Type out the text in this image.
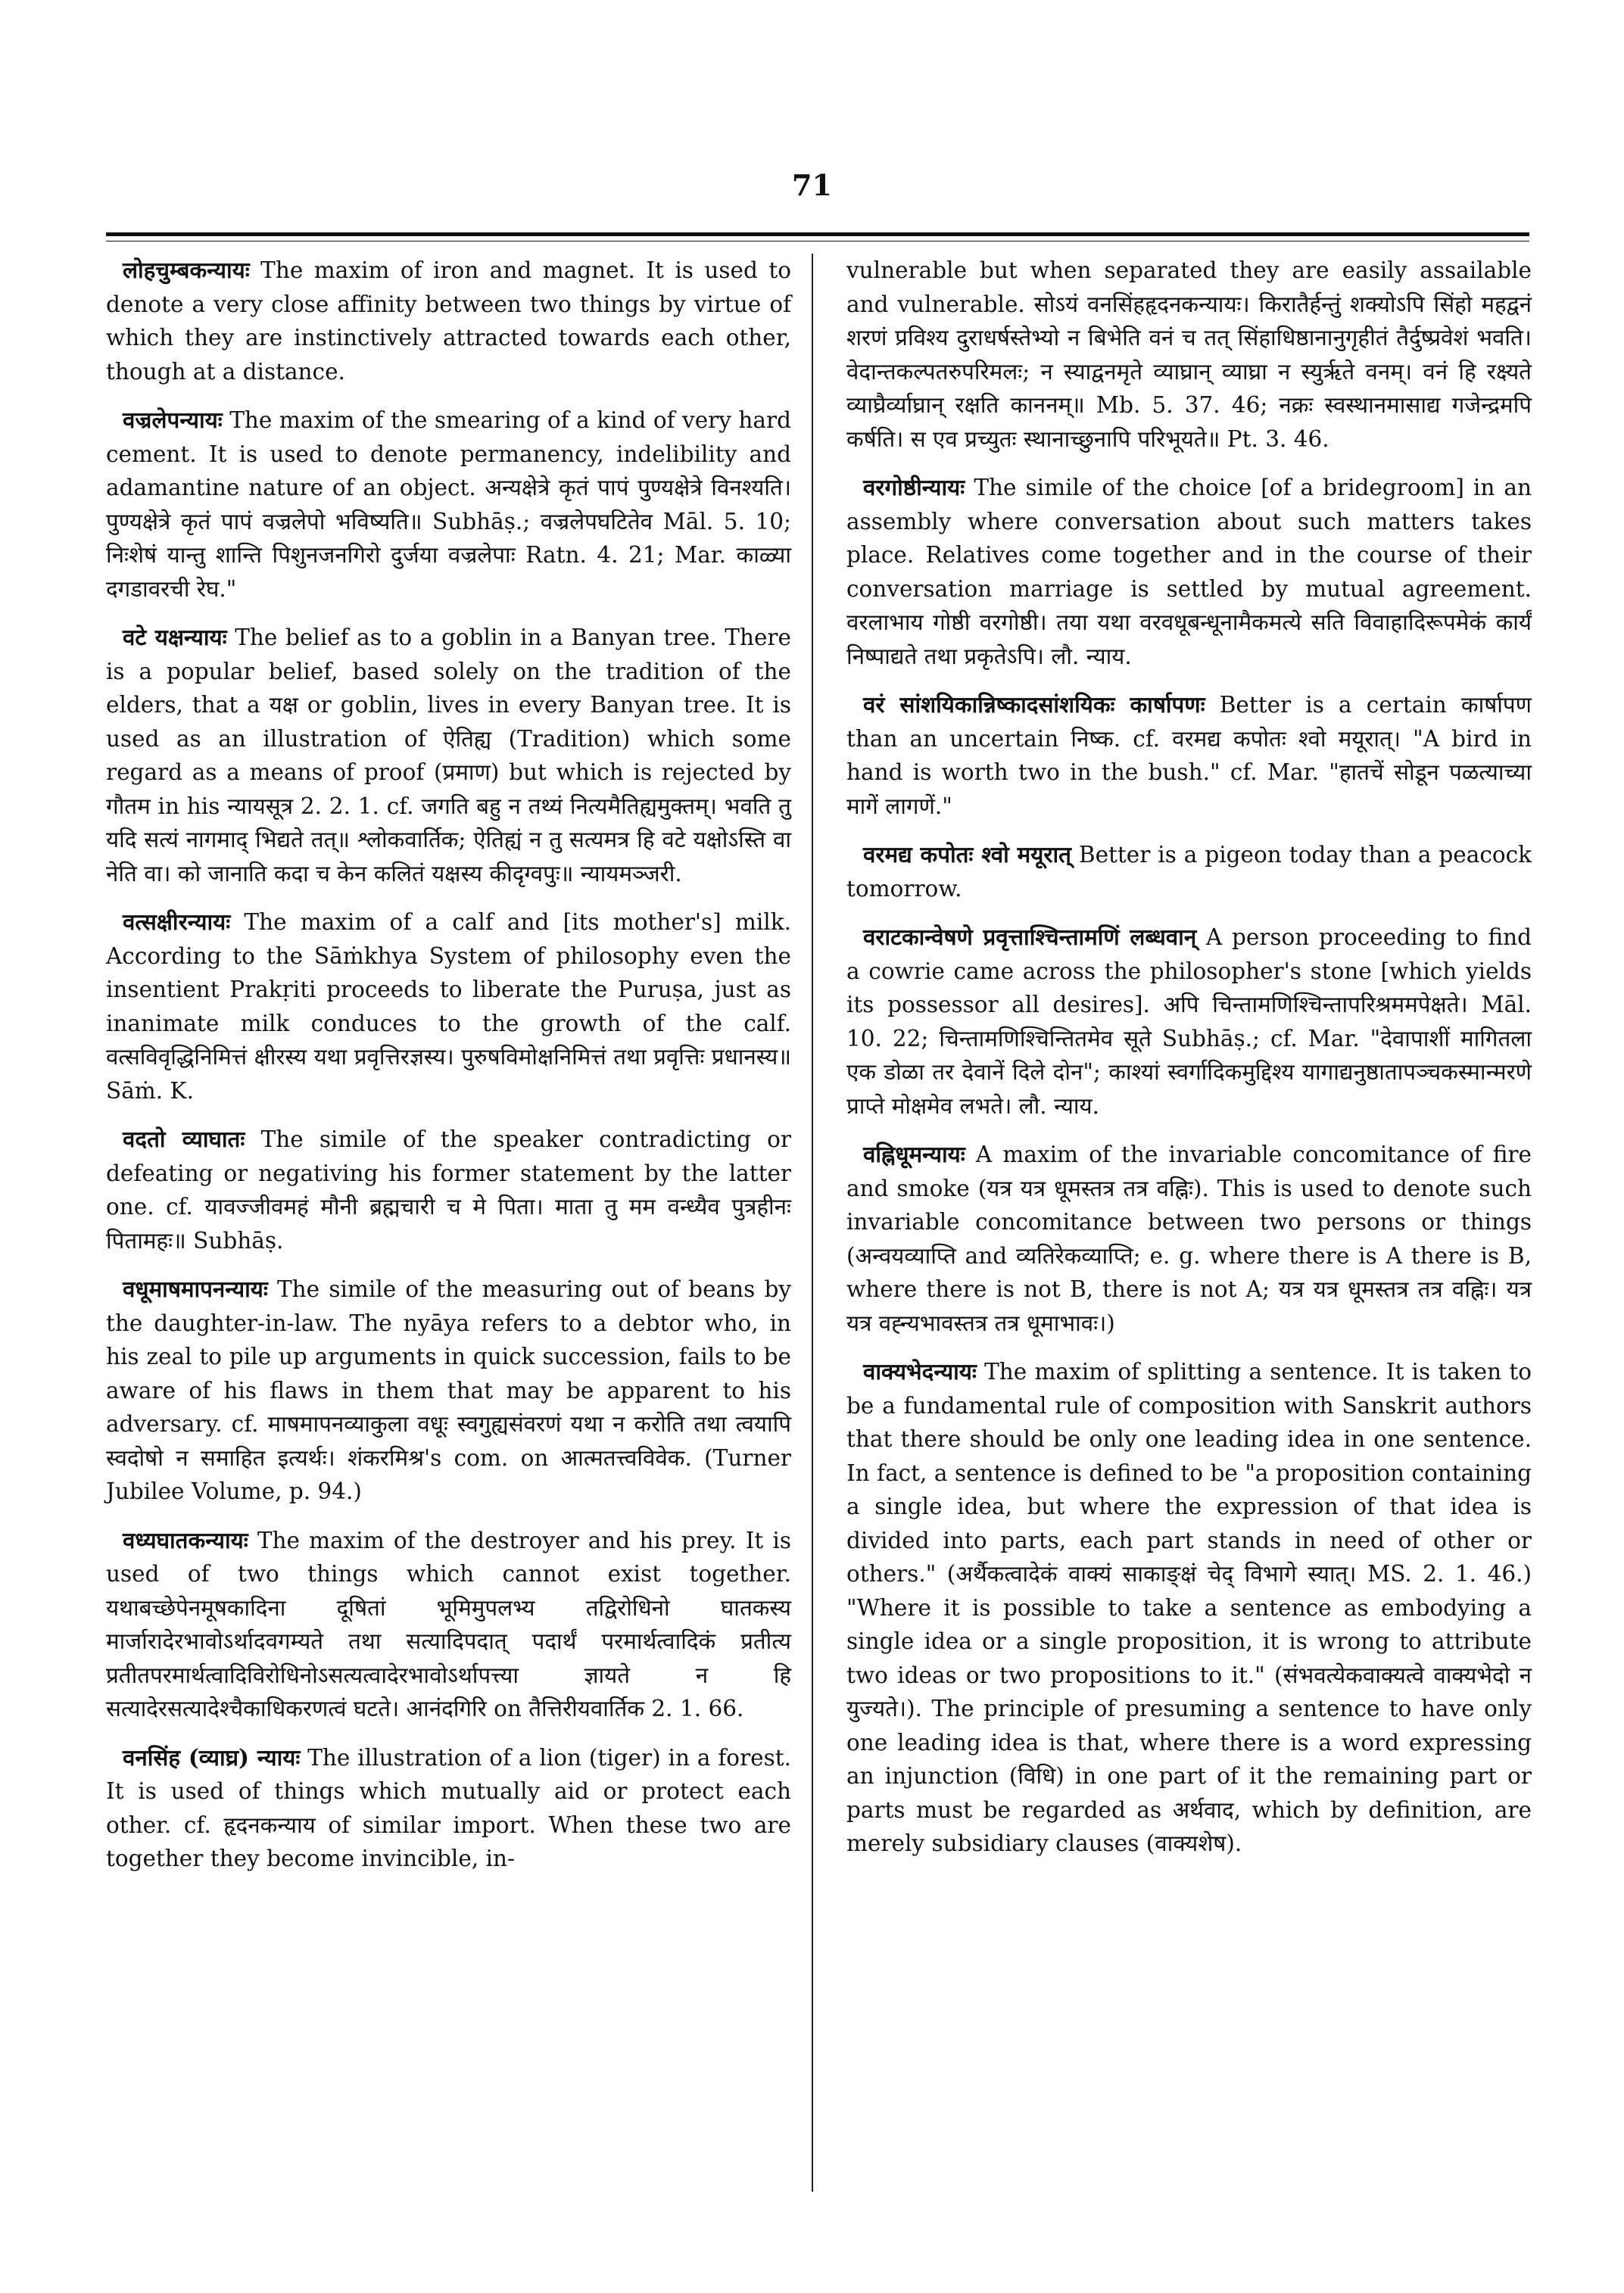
71

लोहचुम्बकन्यायः The maxim of iron and magnet. It is used to denote a very close affinity between two things by virtue of which they are instinctively attracted towards each other, though at a distance.

वज्रलेपन्यायः The maxim of the smearing of a kind of very hard cement. It is used to denote permanency, indelibility and adamantine nature of an object. अन्यक्षेत्रे कृतं पापं पुण्यक्षेत्रे विनश्यति। पुण्यक्षेत्रे कृतं पापं वज्रलेपो भविष्यति॥ Subhāṣ.; वज्रलेपघटितेव Māl. 5. 10; निःशेषं यान्तु शान्ति पिशुनजनगिरो दुर्जया वज्रलेपाः Ratn. 4. 21; Mar. काळ्या दगडावरची रेघ."

वटे यक्षन्यायः The belief as to a goblin in a Banyan tree. There is a popular belief, based solely on the tradition of the elders, that a यक्ष or goblin, lives in every Banyan tree. It is used as an illustration of ऐतिह्य (Tradition) which some regard as a means of proof (प्रमाण) but which is rejected by गौतम in his न्यायसूत्र 2. 2. 1. cf. जगति बहु न तथ्यं नित्यमैतिह्यमुक्तम्। भवति तु यदि सत्यं नागमाद् भिद्यते तत्॥ श्लोकवार्तिक; ऐतिह्यं न तु सत्यमत्र हि वटे यक्षोऽस्ति वा नेति वा। को जानाति कदा च केन कलितं यक्षस्य कीदृग्वपुः॥ न्यायमञ्जरी.

वत्सक्षीरन्यायः The maxim of a calf and [its mother's] milk. According to the Sāṁkhya System of philosophy even the insentient Prakṛiti proceeds to liberate the Puruṣa, just as inanimate milk conduces to the growth of the calf. वत्सविवृद्धिनिमित्तं क्षीरस्य यथा प्रवृत्तिरज्ञस्य। पुरुषविमोक्षनिमित्तं तथा प्रवृत्तिः प्रधानस्य॥ Sāṁ. K.

वदतो व्याघातः The simile of the speaker contradicting or defeating or negativing his former statement by the latter one. cf. यावज्जीवमहं मौनी ब्रह्मचारी च मे पिता। माता तु मम वन्ध्यैव पुत्रहीनः पितामहः॥ Subhāṣ.

वधूमाषमापनन्यायः The simile of the measuring out of beans by the daughter-in-law. The nyāya refers to a debtor who, in his zeal to pile up arguments in quick succession, fails to be aware of his flaws in them that may be apparent to his adversary. cf. माषमापनव्याकुला वधूः स्वगुह्यसंवरणं यथा न करोति तथा त्वयापि स्वदोषो न समाहित इत्यर्थः। शंकरमिश्र's com. on आत्मतत्त्वविवेक. (Turner Jubilee Volume, p. 94.)

वध्यघातकन्यायः The maxim of the destroyer and his prey. It is used of two things which cannot exist together. यथाबच्छेपेनमूषकादिना दूषितां भूमिमुपलभ्य तद्विरोधिनो घातकस्य मार्जारादेरभावोऽर्थादवगम्यते तथा सत्यादिपदात् पदार्थं परमार्थत्वादिकं प्रतीत्य प्रतीतपरमार्थत्वादिविरोधिनोऽसत्यत्वादेरभावोऽर्थापत्त्या ज्ञायते न हि सत्यादेरसत्यादेश्चैकाधिकरणत्वं घटते। आनंदगिरि on तैत्तिरीयवार्तिक 2. 1. 66.

वनसिंह (व्याघ्र) न्यायः The illustration of a lion (tiger) in a forest. It is used of things which mutually aid or protect each other. cf. हृदनकन्याय of similar import. When these two are together they become invincible, in-

vulnerable but when separated they are easily assailable and vulnerable. सोऽयं वनसिंहहृदनकन्यायः। किरातैर्हन्तुं शक्योऽपि सिंहो महद्वनं शरणं प्रविश्य दुराधर्षस्तेभ्यो न बिभेति वनं च तत् सिंहाधिष्ठानानुगृहीतं तैर्दुष्प्रवेशं भवति। वेदान्तकल्पतरुपरिमलः; न स्याद्वनमृते व्याघ्रान् व्याघ्रा न स्युर्ऋते वनम्। वनं हि रक्ष्यते व्याघ्रैर्व्याघ्रान् रक्षति काननम्॥ Mb. 5. 37. 46; नक्रः स्वस्थानमासाद्य गजेन्द्रमपि कर्षति। स एव प्रच्युतः स्थानाच्छुनापि परिभूयते॥ Pt. 3. 46.

वरगोष्ठीन्यायः The simile of the choice [of a bridegroom] in an assembly where conversation about such matters takes place. Relatives come together and in the course of their conversation marriage is settled by mutual agreement. वरलाभाय गोष्ठी वरगोष्ठी। तया यथा वरवधूबन्धूनामैकमत्ये सति विवाहादिरूपमेकं कार्यं निष्पाद्यते तथा प्रकृतेऽपि। लौ. न्याय.

वरं सांशयिकान्निष्कादसांशयिकः कार्षापणः Better is a certain कार्षापण than an uncertain निष्क. cf. वरमद्य कपोतः श्वो मयूरात्। "A bird in hand is worth two in the bush." cf. Mar. "हातचें सोडून पळत्याच्या मागें लागणें."

वरमद्य कपोतः श्वो मयूरात् Better is a pigeon today than a peacock tomorrow.

वराटकान्वेषणे प्रवृत्ताश्चिन्तामणिं लब्धवान् A person proceeding to find a cowrie came across the philosopher's stone [which yields its possessor all desires]. अपि चिन्तामणिश्चिन्तापरिश्रममपेक्षते। Māl. 10. 22; चिन्तामणिश्चिन्तितमेव सूते Subhāṣ.; cf. Mar. "देवापाशीं मागितला एक डोळा तर देवानें दिले दोन"; काश्यां स्वर्गादिकमुद्दिश्य यागाद्यनुष्ठातापञ्चकस्मान्मरणे प्राप्ते मोक्षमेव लभते। लौ. न्याय.

वह्निधूमन्यायः A maxim of the invariable concomitance of fire and smoke (यत्र यत्र धूमस्तत्र तत्र वह्निः). This is used to denote such invariable concomitance between two persons or things (अन्वयव्याप्ति and व्यतिरेकव्याप्ति; e. g. where there is A there is B, where there is not B, there is not A; यत्र यत्र धूमस्तत्र तत्र वह्निः। यत्र यत्र वह्न्यभावस्तत्र तत्र धूमाभावः।)

वाक्यभेदन्यायः The maxim of splitting a sentence. It is taken to be a fundamental rule of composition with Sanskrit authors that there should be only one leading idea in one sentence. In fact, a sentence is defined to be "a proposition containing a single idea, but where the expression of that idea is divided into parts, each part stands in need of other or others." (अर्थैकत्वादेकं वाक्यं साकाङ्क्षं चेद् विभागे स्यात्। MS. 2. 1. 46.) "Where it is possible to take a sentence as embodying a single idea or a single proposition, it is wrong to attribute two ideas or two propositions to it." (संभवत्येकवाक्यत्वे वाक्यभेदो न युज्यते।). The principle of presuming a sentence to have only one leading idea is that, where there is a word expressing an injunction (विधि) in one part of it the remaining part or parts must be regarded as अर्थवाद, which by definition, are merely subsidiary clauses (वाक्यशेष).
